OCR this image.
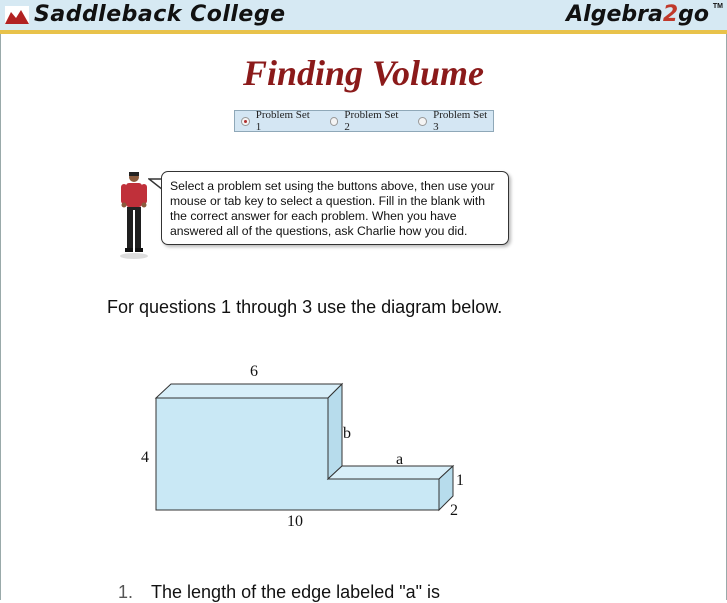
Saddleback College	Algebra2go TM
Finding Volume
Problem Set 1
Problem Set 2
Problem Set 3
Select a problem set using the buttons above, then use your mouse or tab key to select a question. Fill in the blank with the correct answer for each problem. When you have answered all of the questions, ask Charlie how you did.
For questions 1 through 3 use the diagram below.
6
4
10
b
a
1
2
1. The length of the edge labeled "a" is
